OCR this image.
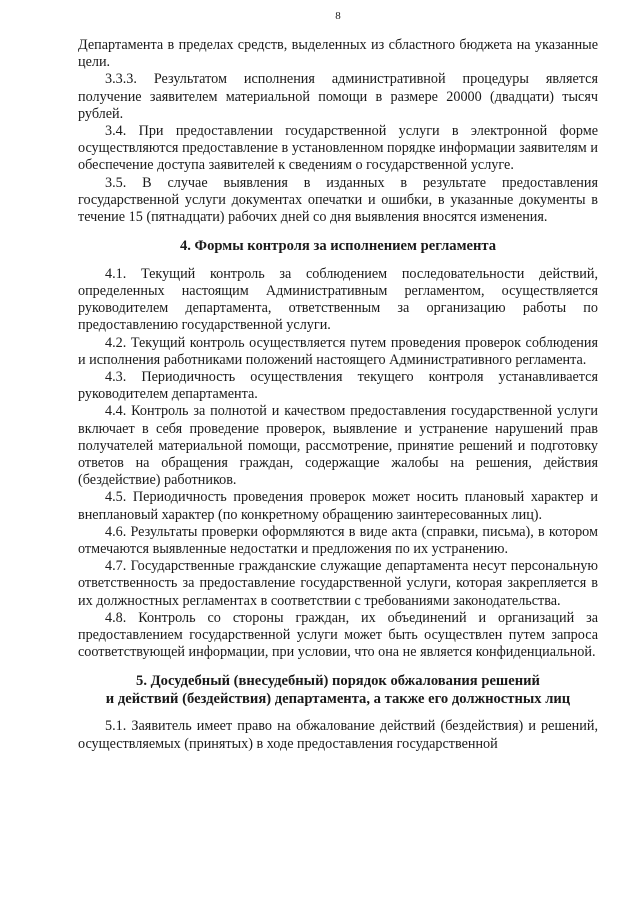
8

Департамента в пределах средств, выделенных из сбластного бюджета на указанные цели.

3.3.3. Результатом исполнения административной процедуры является получение заявителем материальной помощи в размере 20000 (двадцати) тысяч рублей.

3.4. При предоставлении государственной услуги в электронной форме осуществляются предоставление в установленном порядке информации заявителям и обеспечение доступа заявителей к сведениям о государственной услуге.

3.5. В случае выявления в изданных в результате предоставления государственной услуги документах опечатки и ошибки, в указанные документы в течение 15 (пятнадцати) рабочих дней со дня выявления вносятся изменения.

4. Формы контроля за исполнением регламента

4.1. Текущий контроль за соблюдением последовательности действий, определенных настоящим Административным регламентом, осуществляется руководителем департамента, ответственным за организацию работы по предоставлению государственной услуги.

4.2. Текущий контроль осуществляется путем проведения проверок соблюдения и исполнения работниками положений настоящего Административного регламента.

4.3. Периодичность осуществления текущего контроля устанавливается руководителем департамента.

4.4. Контроль за полнотой и качеством предоставления государственной услуги включает в себя проведение проверок, выявление и устранение нарушений прав получателей материальной помощи, рассмотрение, принятие решений и подготовку ответов на обращения граждан, содержащие жалобы на решения, действия (бездействие) работников.

4.5. Периодичность проведения проверок может носить плановый характер и внеплановый характер (по конкретному обращению заинтересованных лиц).

4.6. Результаты проверки оформляются в виде акта (справки, письма), в котором отмечаются выявленные недостатки и предложения по их устранению.

4.7. Государственные гражданские служащие департамента несут персональную ответственность за предоставление государственной услуги, которая закрепляется в их должностных регламентах в соответствии с требованиями законодательства.

4.8. Контроль со стороны граждан, их объединений и организаций за предоставлением государственной услуги может быть осуществлен путем запроса соответствующей информации, при условии, что она не является конфиденциальной.

5. Досудебный (внесудебный) порядок обжалования решений
и действий (бездействия) департамента, а также его должностных лиц

5.1. Заявитель имеет право на обжалование действий (бездействия) и решений, осуществляемых (принятых) в ходе предоставления государственной
